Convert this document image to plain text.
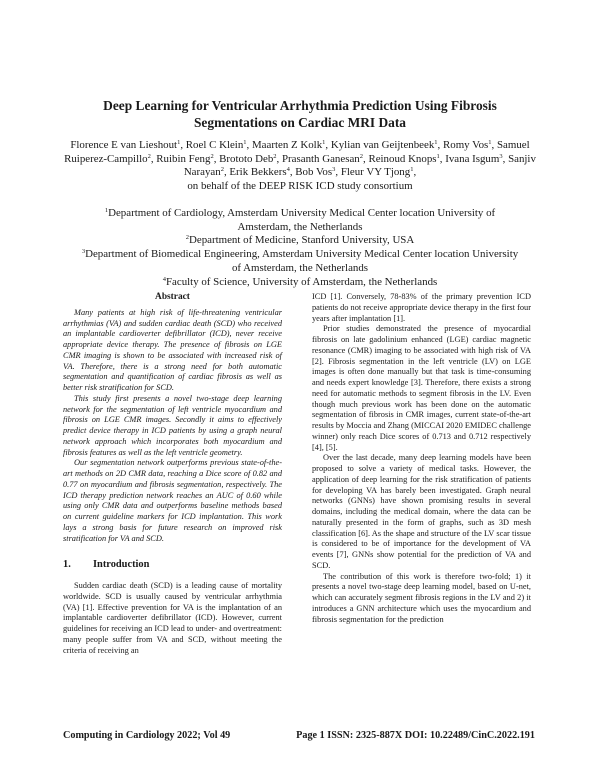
Deep Learning for Ventricular Arrhythmia Prediction Using Fibrosis
Segmentations on Cardiac MRI Data
Florence E van Lieshout$^1$, Roel C Klein$^1$, Maarten Z Kolk$^1$, Kylian van Geijtenbeek$^1$, Romy Vos$^1$, Samuel Ruiperez-Campillo$^2$, Ruibin Feng$^2$, Brototo Deb$^2$, Prasanth Ganesan$^2$, Reinoud Knops$^1$, Ivana Isgum$^3$, Sanjiv Narayan$^2$, Erik Bekkers$^4$, Bob Vos$^3$, Fleur VY Tjong$^1$,
on behalf of the DEEP RISK ICD study consortium
$^1$Department of Cardiology, Amsterdam University Medical Center location University of
Amsterdam, the Netherlands
$^2$Department of Medicine, Stanford University, USA
$^3$Department of Biomedical Engineering, Amsterdam University Medical Center location University
of Amsterdam, the Netherlands
$^4$Faculty of Science, University of Amsterdam, the Netherlands
Abstract

Many patients at high risk of life-threatening ventricular arrhythmias (VA) and sudden cardiac death (SCD) who received an implantable cardioverter defibrillator (ICD), never receive appropriate device therapy. The presence of fibrosis on LGE CMR imaging is shown to be associated with increased risk of VA. Therefore, there is a strong need for both automatic segmentation and quantification of cardiac fibrosis as well as better risk stratification for SCD.

This study first presents a novel two-stage deep learning network for the segmentation of left ventricle myocardium and fibrosis on LGE CMR images. Secondly it aims to effectively predict device therapy in ICD patients by using a graph neural network approach which incorporates both myocardium and fibrosis features as well as the left ventricle geometry.

Our segmentation network outperforms previous state-of-the-art methods on 2D CMR data, reaching a Dice score of 0.82 and 0.77 on myocardium and fibrosis segmentation, respectively. The ICD therapy prediction network reaches an AUC of 0.60 while using only CMR data and outperforms baseline methods based on current guideline markers for ICD implantation. This work lays a strong basis for future research on improved risk stratification for VA and SCD.

1. Introduction

Sudden cardiac death (SCD) is a leading cause of mortality worldwide. SCD is usually caused by ventricular arrhythmia (VA) [1]. Effective prevention for VA is the implantation of an implantable cardioverter defibrillator (ICD). However, current guidelines for receiving an ICD lead to under- and overtreatment: many people suffer from VA and SCD, without meeting the criteria of receiving an

ICD [1]. Conversely, 78-83% of the primary prevention ICD patients do not receive appropriate device therapy in the first four years after implantation [1].

Prior studies demonstrated the presence of myocardial fibrosis on late gadolinium enhanced (LGE) cardiac magnetic resonance (CMR) imaging to be associated with high risk of VA [2]. Fibrosis segmentation in the left ventricle (LV) on LGE images is often done manually but that task is time-consuming and needs expert knowledge [3]. Therefore, there exists a strong need for automatic methods to segment fibrosis in the LV. Even though much previous work has been done on the automatic segmentation of fibrosis in CMR images, current state-of-the-art results by Moccia and Zhang (MICCAI 2020 EMIDEC challenge winner) only reach Dice scores of 0.713 and 0.712 respectively [4], [5].

Over the last decade, many deep learning models have been proposed to solve a variety of medical tasks. However, the application of deep learning for the risk stratification of patients for developing VA has barely been investigated. Graph neural networks (GNNs) have shown promising results in several domains, including the medical domain, where the data can be naturally presented in the form of graphs, such as 3D mesh classification [6]. As the shape and structure of the LV scar tissue is considered to be of importance for the development of VA events [7], GNNs show potential for the prediction of VA and SCD.

The contribution of this work is therefore two-fold; 1) it presents a novel two-stage deep learning model, based on U-net, which can accurately segment fibrosis regions in the LV and 2) it introduces a GNN architecture which uses the myocardium and fibrosis segmentation for the prediction

Computing in Cardiology 2022; Vol 49	Page 1 ISSN: 2325-887X DOI: 10.22489/CinC.2022.191
